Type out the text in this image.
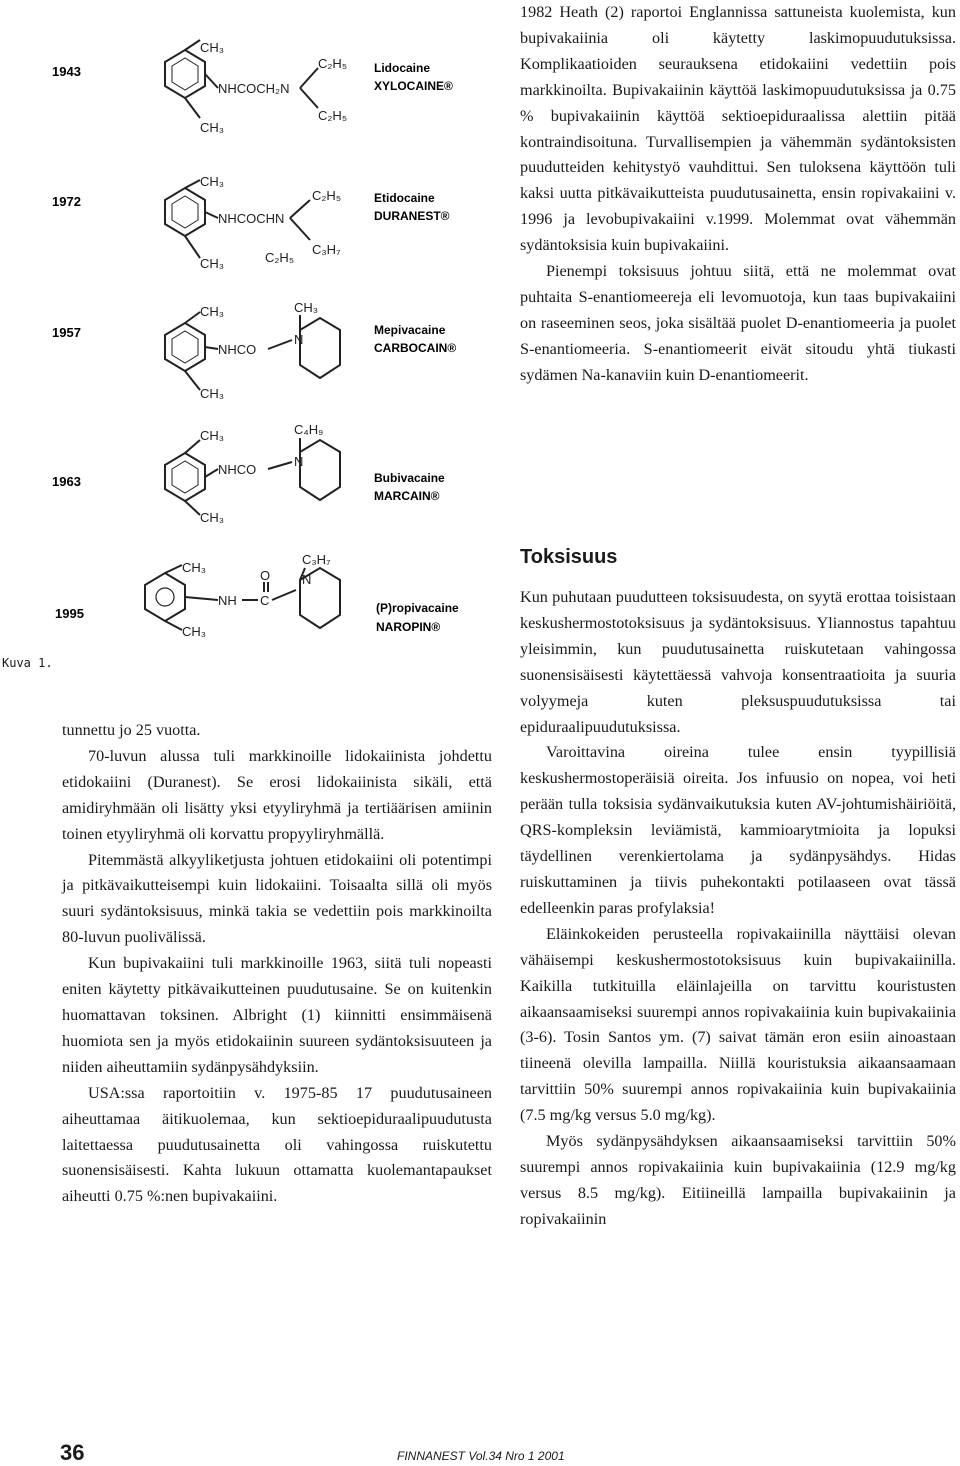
CH₃
NHCOCH₂N
C₂H₅
C₂H₅
CH₃
CH₃
NHCOCHN
C₂H₅
C₃H₇
C₂H₅
CH₃
CH₃
NHCO
CH₃
N
CH₃
CH₃
NHCO
C₄H₉
N
CH₃
CH₃
NH
O
C
C₃H₇
N
CH₃
1943	Lidocaine
XYLOCAINE®
1972	Etidocaine
DURANEST®
1957	Mepivacaine
CARBOCAIN®
1963	Bubivacaine
MARCAIN®
1995	(P)ropivacaine
NAROPIN®
Kuva 1.

tunnettu jo 25 vuotta.

70-luvun alussa tuli markkinoille lidokaiinista johdettu etidokaiini (Duranest). Se erosi lidokaiinista sikäli, että amidiryhmään oli lisätty yksi etyyliryhmä ja tertiäärisen amiinin toinen etyyliryhmä oli korvattu propyyliryhmällä.

Pitemmästä alkyyliketjusta johtuen etidokaiini oli potentimpi ja pitkävaikutteisempi kuin lidokaiini. Toisaalta sillä oli myös suuri sydäntoksisuus, minkä takia se vedettiin pois markkinoilta 80-luvun puolivälissä.

Kun bupivakaiini tuli markkinoille 1963, siitä tuli nopeasti eniten käytetty pitkävaikutteinen puudutusaine. Se on kuitenkin huomattavan toksinen. Albright (1) kiinnitti ensimmäisenä huomiota sen ja myös etidokaiinin suureen sydäntoksisuuteen ja niiden aiheuttamiin sydänpysähdyksiin.

USA:ssa raportoitiin v. 1975-85 17 puudutusaineen aiheuttamaa äitikuolemaa, kun sektioepiduraalipuudutusta laitettaessa puudutusainetta oli vahingossa ruiskutettu suonensisäisesti. Kahta lukuun ottamatta kuolemantapaukset aiheutti 0.75 %:nen bupivakaiini.

1982 Heath (2) raportoi Englannissa sattuneista kuolemista, kun bupivakaiinia oli käytetty laskimopuudutuksissa. Komplikaatioiden seurauksena etidokaiini vedettiin pois markkinoilta. Bupivakaiinin käyttöä laskimopuudutuksissa ja 0.75 % bupivakaiinin käyttöä sektioepiduraalissa alettiin pitää kontraindisoituna. Turvallisempien ja vähemmän sydäntoksisten puudutteiden kehitystyö vauhdittui. Sen tuloksena käyttöön tuli kaksi uutta pitkävaikutteista puudutusainetta, ensin ropivakaiini v. 1996 ja levobupivakaiini v.1999. Molemmat ovat vähemmän sydäntoksisia kuin bupivakaiini.

Pienempi toksisuus johtuu siitä, että ne molemmat ovat puhtaita S-enantiomeereja eli levomuotoja, kun taas bupivakaiini on raseeminen seos, joka sisältää puolet D-enantiomeeria ja puolet S-enantiomeeria. S-enantiomeerit eivät sitoudu yhtä tiukasti sydämen Na-kanaviin kuin D-enantiomeerit.

Toksisuus

Kun puhutaan puudutteen toksisuudesta, on syytä erottaa toisistaan keskushermostotoksisuus ja sydäntoksisuus. Yliannostus tapahtuu yleisimmin, kun puudutusainetta ruiskutetaan vahingossa suonensisäisesti käytettäessä vahvoja konsentraatioita ja suuria volyymeja kuten pleksuspuudutuksissa tai epiduraalipuudutuksissa.

Varoittavina oireina tulee ensin tyypillisiä keskushermostoperäisiä oireita. Jos infuusio on nopea, voi heti perään tulla toksisia sydänvaikutuksia kuten AV-johtumishäiriöitä, QRS-kompleksin leviämistä, kammioarytmioita ja lopuksi täydellinen verenkiertolama ja sydänpysähdys. Hidas ruiskuttaminen ja tiivis puhekontakti potilaaseen ovat tässä edelleenkin paras profylaksia!

Eläinkokeiden perusteella ropivakaiinilla näyttäisi olevan vähäisempi keskushermostotoksisuus kuin bupivakaiinilla. Kaikilla tutkituilla eläinlajeilla on tarvittu kouristusten aikaansaamiseksi suurempi annos ropivakaiinia kuin bupivakaiinia (3-6). Tosin Santos ym. (7) saivat tämän eron esiin ainoastaan tiineenä olevilla lampailla. Niillä kouristuksia aikaansaamaan tarvittiin 50% suurempi annos ropivakaiinia kuin bupivakaiinia (7.5 mg/kg versus 5.0 mg/kg).

Myös sydänpysähdyksen aikaansaamiseksi tarvittiin 50% suurempi annos ropivakaiinia kuin bupivakaiinia (12.9 mg/kg versus 8.5 mg/kg). Eitiineillä lampailla bupivakaiinin ja ropivakaiinin

36	FINNANEST Vol.34 Nro 1 2001
